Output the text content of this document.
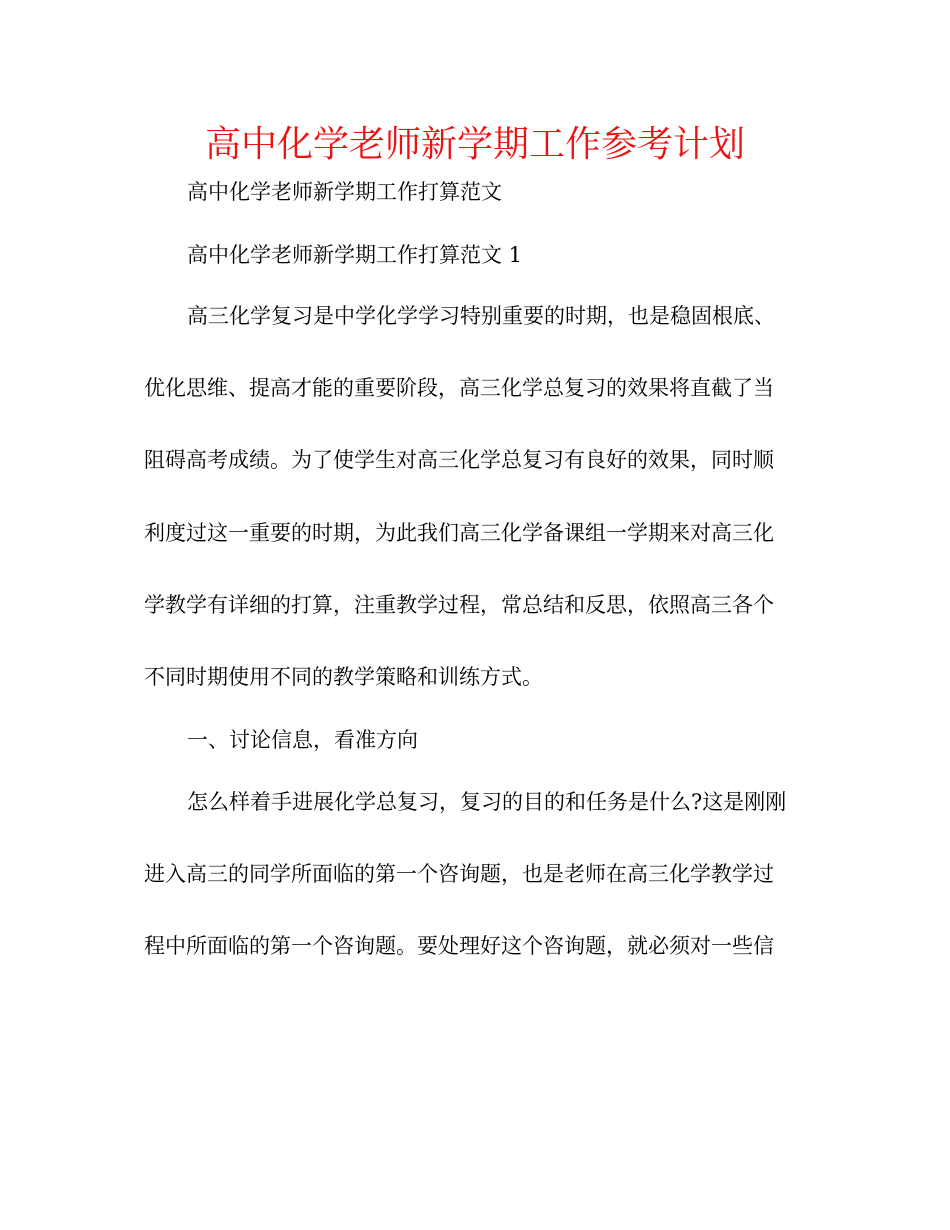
高中化学老师新学期工作参考计划

高中化学老师新学期工作打算范文

高中化学老师新学期工作打算范文 1

高三化学复习是中学化学学习特别重要的时期，也是稳固根底、

优化思维、提高才能的重要阶段，高三化学总复习的效果将直截了当

阻碍高考成绩。为了使学生对高三化学总复习有良好的效果，同时顺

利度过这一重要的时期，为此我们高三化学备课组一学期来对高三化

学教学有详细的打算，注重教学过程，常总结和反思，依照高三各个

不同时期使用不同的教学策略和训练方式。

一、讨论信息，看准方向

怎么样着手进展化学总复习，复习的目的和任务是什么?这是刚刚

进入高三的同学所面临的第一个咨询题，也是老师在高三化学教学过

程中所面临的第一个咨询题。要处理好这个咨询题，就必须对一些信
